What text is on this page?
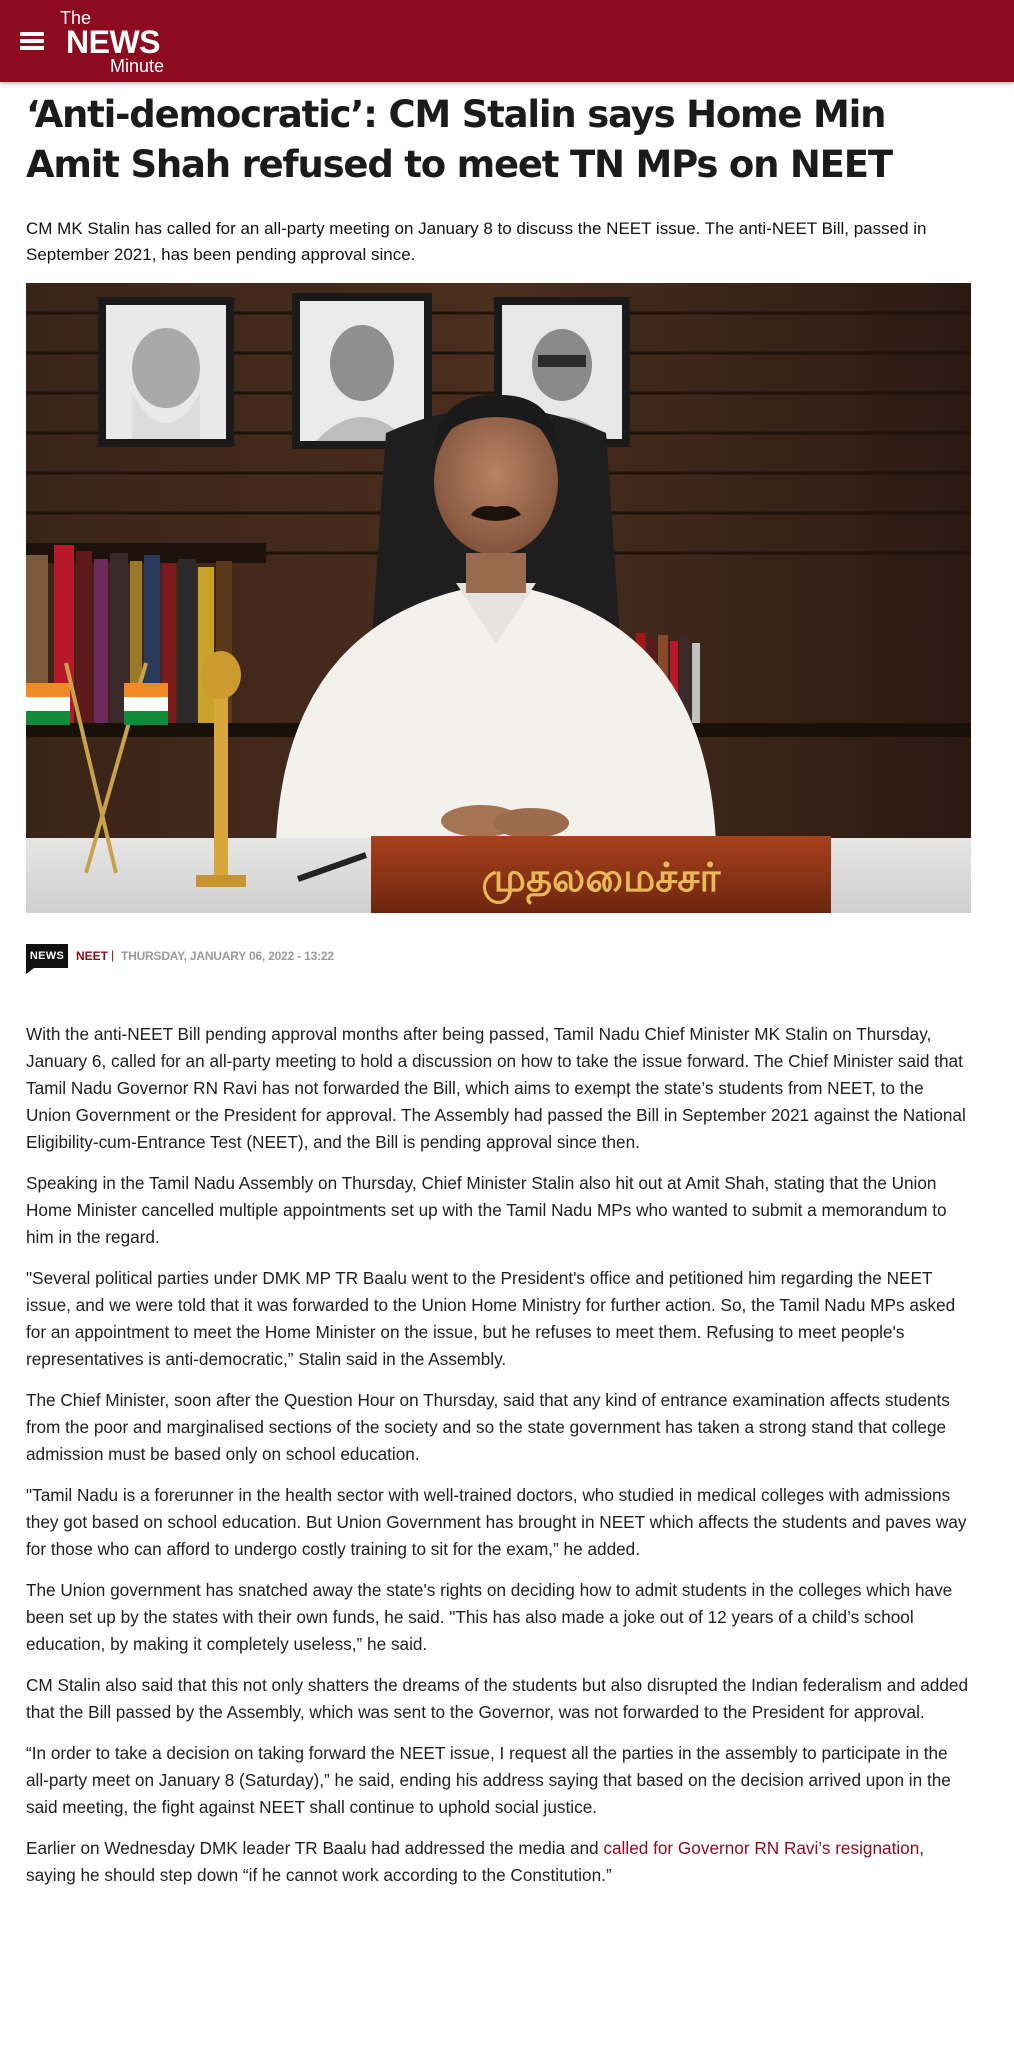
The
NEWS
Minute
‘Anti-democratic’: CM Stalin says Home Min Amit Shah refused to meet TN MPs on NEET

CM MK Stalin has called for an all-party meeting on January 8 to discuss the NEET issue. The anti-NEET Bill, passed in September 2021, has been pending approval since.

முதலமைச்சர்
NEWS NEET | THURSDAY, JANUARY 06, 2022 - 13:22

With the anti-NEET Bill pending approval months after being passed, Tamil Nadu Chief Minister MK Stalin on Thursday, January 6, called for an all-party meeting to hold a discussion on how to take the issue forward. The Chief Minister said that Tamil Nadu Governor RN Ravi has not forwarded the Bill, which aims to exempt the state’s students from NEET, to the Union Government or the President for approval. The Assembly had passed the Bill in September 2021 against the National Eligibility-cum-Entrance Test (NEET), and the Bill is pending approval since then.

Speaking in the Tamil Nadu Assembly on Thursday, Chief Minister Stalin also hit out at Amit Shah, stating that the Union Home Minister cancelled multiple appointments set up with the Tamil Nadu MPs who wanted to submit a memorandum to him in the regard.

"Several political parties under DMK MP TR Baalu went to the President's office and petitioned him regarding the NEET issue, and we were told that it was forwarded to the Union Home Ministry for further action. So, the Tamil Nadu MPs asked for an appointment to meet the Home Minister on the issue, but he refuses to meet them. Refusing to meet people's representatives is anti-democratic,” Stalin said in the Assembly.

The Chief Minister, soon after the Question Hour on Thursday, said that any kind of entrance examination affects students from the poor and marginalised sections of the society and so the state government has taken a strong stand that college admission must be based only on school education.

"Tamil Nadu is a forerunner in the health sector with well-trained doctors, who studied in medical colleges with admissions they got based on school education. But Union Government has brought in NEET which affects the students and paves way for those who can afford to undergo costly training to sit for the exam,” he added.

The Union government has snatched away the state's rights on deciding how to admit students in the colleges which have been set up by the states with their own funds, he said. "This has also made a joke out of 12 years of a child’s school education, by making it completely useless,” he said.

CM Stalin also said that this not only shatters the dreams of the students but also disrupted the Indian federalism and added that the Bill passed by the Assembly, which was sent to the Governor, was not forwarded to the President for approval.

“In order to take a decision on taking forward the NEET issue, I request all the parties in the assembly to participate in the all-party meet on January 8 (Saturday),” he said, ending his address saying that based on the decision arrived upon in the said meeting, the fight against NEET shall continue to uphold social justice.

Earlier on Wednesday DMK leader TR Baalu had addressed the media and called for Governor RN Ravi’s resignation, saying he should step down “if he cannot work according to the Constitution.”
